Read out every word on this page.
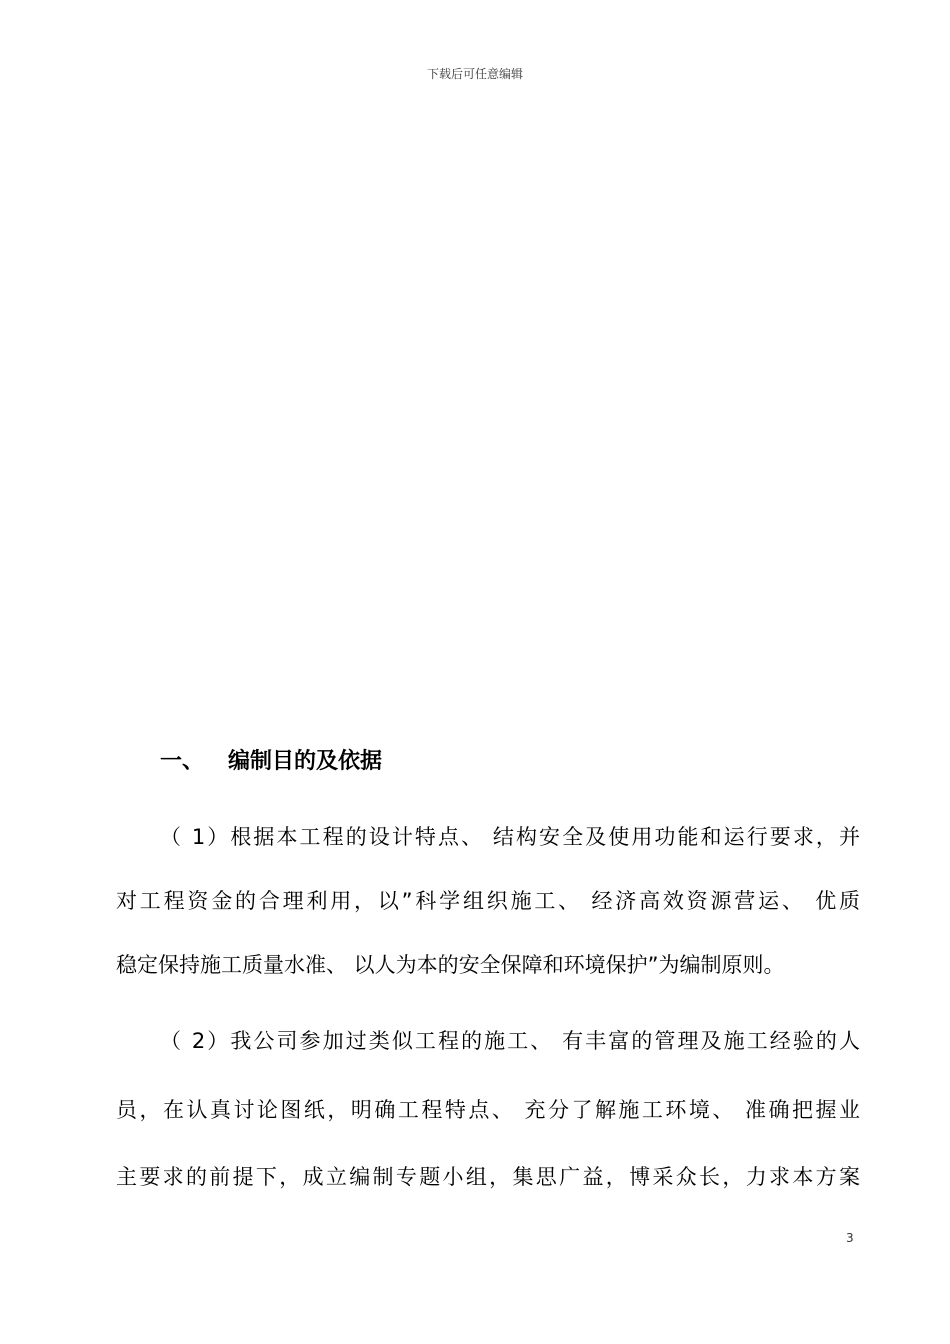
下载后可任意编辑
一、 编制目的及依据
（ 1）根据本工程的设计特点、 结构安全及使用功能和运行要求，并
对工程资金的合理利用，以”科学组织施工、 经济高效资源营运、 优质
稳定保持施工质量水准、 以人为本的安全保障和环境保护”为编制原则。
（ 2）我公司参加过类似工程的施工、 有丰富的管理及施工经验的人
员，在认真讨论图纸，明确工程特点、 充分了解施工环境、 准确把握业
主要求的前提下，成立编制专题小组，集思广益，博采众长，力求本方案
3
